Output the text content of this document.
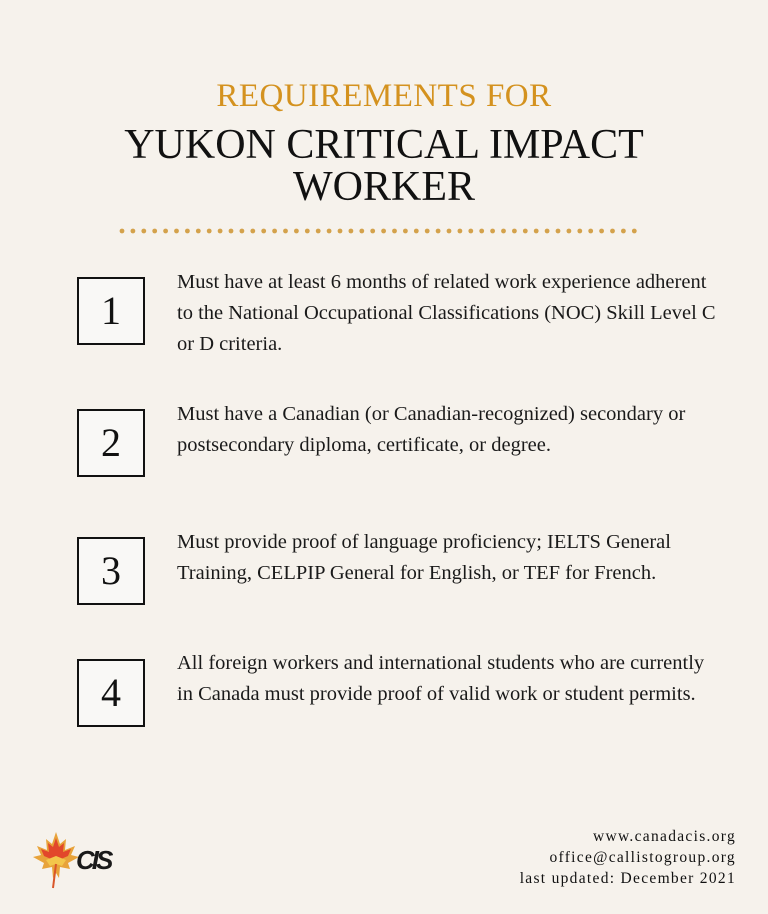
REQUIREMENTS FOR
YUKON CRITICAL IMPACT
WORKER
1
Must have at least 6 months of related work experience adherent to the National Occupational Classifications (NOC) Skill Level C or D criteria.
2
Must have a Canadian (or Canadian-recognized) secondary or postsecondary diploma, certificate, or degree.
3
Must provide proof of language proficiency; IELTS General Training, CELPIP General for English, or TEF for French.
4
All foreign workers and international students who are currently in Canada must provide proof of valid work or student permits.
CIS
www.canadacis.org
office@callistogroup.org
last updated: December 2021
